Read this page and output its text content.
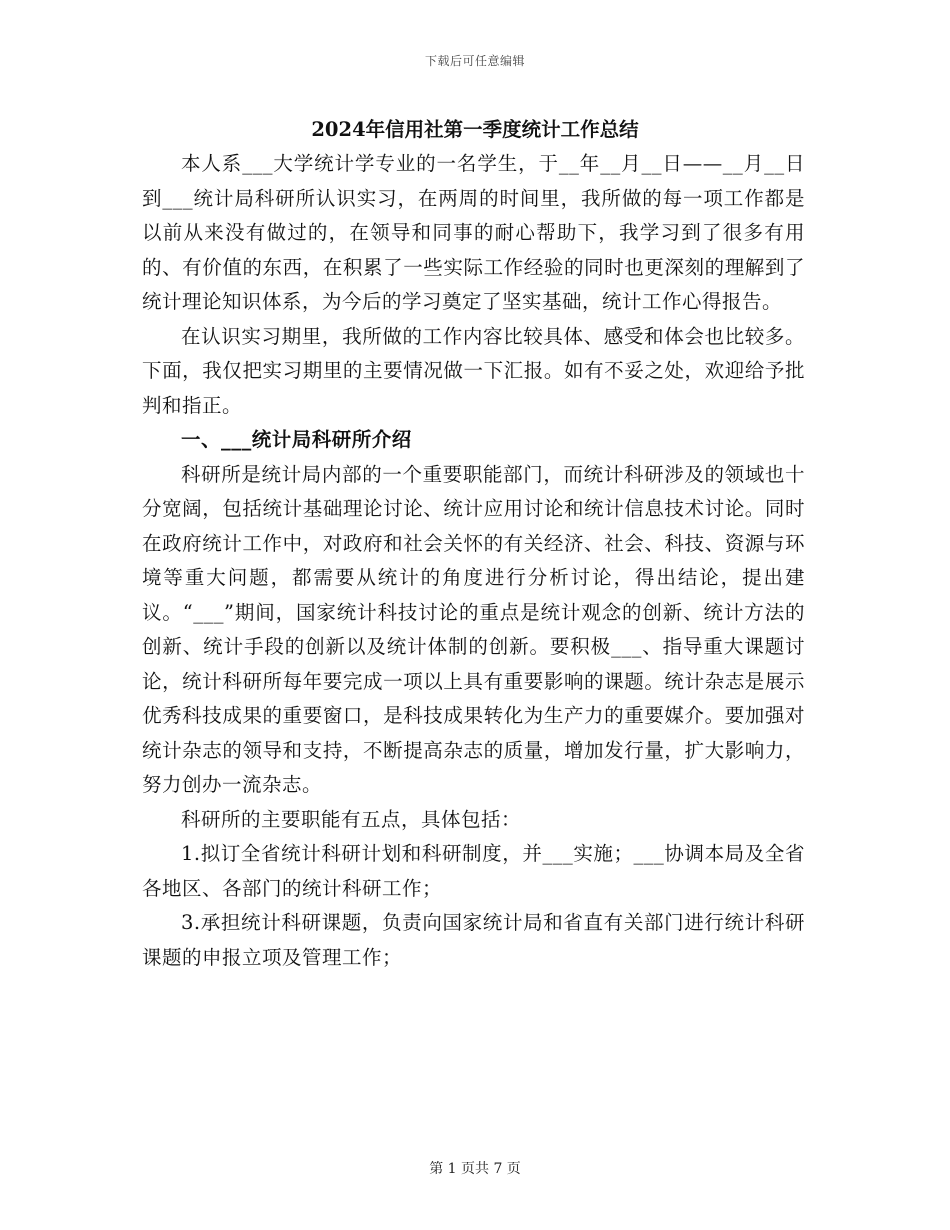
下载后可任意编辑
2024年信用社第一季度统计工作总结

本人系___大学统计学专业的一名学生，于__年__月__日——__月__日到___统计局科研所认识实习，在两周的时间里，我所做的每一项工作都是以前从来没有做过的，在领导和同事的耐心帮助下，我学习到了很多有用的、有价值的东西，在积累了一些实际工作经验的同时也更深刻的理解到了统计理论知识体系，为今后的学习奠定了坚实基础，统计工作心得报告。

在认识实习期里，我所做的工作内容比较具体、感受和体会也比较多。下面，我仅把实习期里的主要情况做一下汇报。如有不妥之处，欢迎给予批判和指正。

一、___统计局科研所介绍

科研所是统计局内部的一个重要职能部门，而统计科研涉及的领域也十分宽阔，包括统计基础理论讨论、统计应用讨论和统计信息技术讨论。同时在政府统计工作中，对政府和社会关怀的有关经济、社会、科技、资源与环境等重大问题，都需要从统计的角度进行分析讨论，得出结论，提出建议。“___”期间，国家统计科技讨论的重点是统计观念的创新、统计方法的创新、统计手段的创新以及统计体制的创新。要积极___、指导重大课题讨论，统计科研所每年要完成一项以上具有重要影响的课题。统计杂志是展示优秀科技成果的重要窗口，是科技成果转化为生产力的重要媒介。要加强对统计杂志的领导和支持，不断提高杂志的质量，增加发行量，扩大影响力，努力创办一流杂志。

科研所的主要职能有五点，具体包括：

1.拟订全省统计科研计划和科研制度，并___实施；___协调本局及全省各地区、各部门的统计科研工作；

3.承担统计科研课题，负责向国家统计局和省直有关部门进行统计科研课题的申报立项及管理工作；

第 1 页共 7 页
